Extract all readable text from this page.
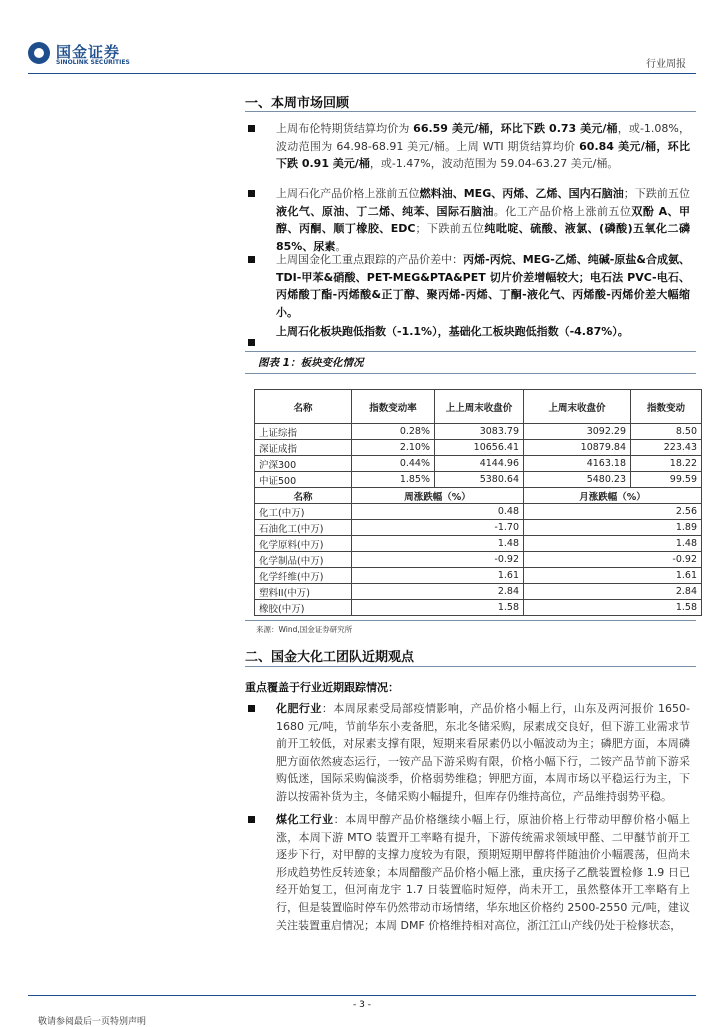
国金证券
SINOLINK SECURITIES	行业周报
一、本周市场回顾
上周布伦特期货结算均价为 66.59 美元/桶，环比下跌 0.73 美元/桶，或-1.08%，波动范围为 64.98-68.91 美元/桶。上周 WTI 期货结算均价 60.84 美元/桶，环比下跌 0.91 美元/桶，或-1.47%，波动范围为 59.04-63.27 美元/桶。
上周石化产品价格上涨前五位燃料油、MEG、丙烯、乙烯、国内石脑油；下跌前五位液化气、原油、丁二烯、纯苯、国际石脑油。化工产品价格上涨前五位双酚 A、甲醇、丙酮、顺丁橡胶、EDC；下跌前五位纯吡啶、硫酸、液氯、(磷酸)五氧化二磷 85%、尿素。
上周国金化工重点跟踪的产品价差中：丙烯-丙烷、MEG-乙烯、纯碱-原盐&合成氨、TDI-甲苯&硝酸、PET-MEG&PTA&PET 切片价差增幅较大；电石法 PVC-电石、丙烯酸丁酯-丙烯酸&正丁醇、聚丙烯-丙烯、丁酮-液化气、丙烯酸-丙烯价差大幅缩小。
上周石化板块跑低指数（-1.1%），基础化工板块跑低指数（-4.87%）。
图表 1：板块变化情况
名称	指数变动率	上上周末收盘价	上周末收盘价	指数变动
上证综指	0.28%	3083.79	3092.29	8.50
深证成指	2.10%	10656.41	10879.84	223.43
沪深300	0.44%	4144.96	4163.18	18.22
中证500	1.85%	5380.64	5480.23	99.59
名称	周涨跌幅（%）		月涨跌幅（%）	
化工(中万)	0.48		2.56	
石油化工(中万)	-1.70		1.89	
化学原料(中万)	1.48		1.48	
化学制品(中万)	-0.92		-0.92	
化学纤维(中万)	1.61		1.61	
塑料II(中万)	2.84		2.84	
橡胶(中万)	1.58		1.58	
来源：Wind,国金证券研究所
二、国金大化工团队近期观点
重点覆盖于行业近期跟踪情况：
化肥行业：本周尿素受局部疫情影响，产品价格小幅上行，山东及两河报价 1650-1680 元/吨，节前华东小麦备肥，东北冬储采购，尿素成交良好，但下游工业需求节前开工较低，对尿素支撑有限，短期来看尿素仍以小幅波动为主；磷肥方面，本周磷肥方面依然疲态运行，一铵产品下游采购有限，价格小幅下行，二铵产品节前下游采购低迷，国际采购偏淡季，价格弱势维稳；钾肥方面，本周市场以平稳运行为主，下游以按需补货为主，冬储采购小幅提升，但库存仍维持高位，产品维持弱势平稳。
煤化工行业：本周甲醇产品价格继续小幅上行，原油价格上行带动甲醇价格小幅上涨，本周下游 MTO 装置开工率略有提升，下游传统需求领域甲醛、二甲醚节前开工逐步下行，对甲醇的支撑力度较为有限，预期短期甲醇将伴随油价小幅震荡，但尚未形成趋势性反转迹象；本周醋酸产品价格小幅上涨，重庆扬子乙酰装置检修 1.9 日已经开始复工，但河南龙宇 1.7 日装置临时短停，尚未开工，虽然整体开工率略有上行，但是装置临时停车仍然带动市场情绪，华东地区价格约 2500-2550 元/吨，建议关注装置重启情况；本周 DMF 价格维持相对高位，浙江江山产线仍处于检修状态，
- 3 -
敬请参阅最后一页特别声明
